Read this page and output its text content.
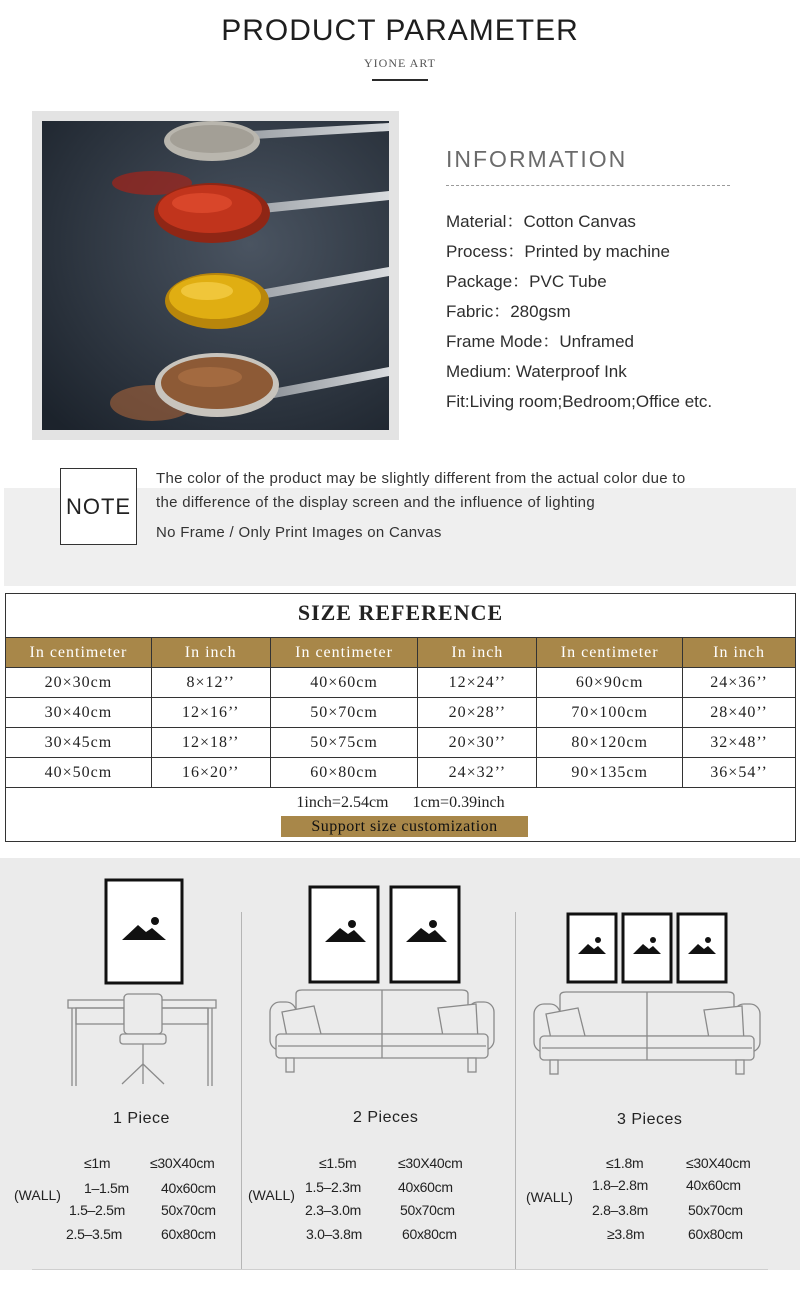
PRODUCT PARAMETER
YIONE ART
INFORMATION
Material：Cotton Canvas
Process：Printed by machine
Package：PVC Tube
Fabric：280gsm
Frame Mode：Unframed
Medium: Waterproof Ink
Fit:Living room;Bedroom;Office etc.
NOTE
The color of the product may be slightly different from the actual color due to
the difference of the display screen and the influence of lighting
No Frame / Only Print Images on Canvas
SIZE REFERENCE
In centimeter	In inch	In centimeter	In inch	In centimeter	In inch
20×30cm	8×12’’	40×60cm	12×24’’	60×90cm	24×36’’
30×40cm	12×16’’	50×70cm	20×28’’	70×100cm	28×40’’
30×45cm	12×18’’	50×75cm	20×30’’	80×120cm	32×48’’
40×50cm	16×20’’	60×80cm	24×32’’	90×135cm	36×54’’
1inch=2.54cm    1cm=0.39inch
Support size customization
1 Piece	2 Pieces	3 Pieces
(WALL)	(WALL)	(WALL)
≤1m	≤30X40cm
1–1.5m 40x60cm
1.5–2.5m	50x70cm
2.5–3.5m	60x80cm
≤1.5m	≤30X40cm
1.5–2.3m	40x60cm
2.3–3.0m	50x70cm
3.0–3.8m	60x80cm
≤1.8m	≤30X40cm
1.8–2.8m	40x60cm
2.8–3.8m	50x70cm
≥3.8m	60x80cm
